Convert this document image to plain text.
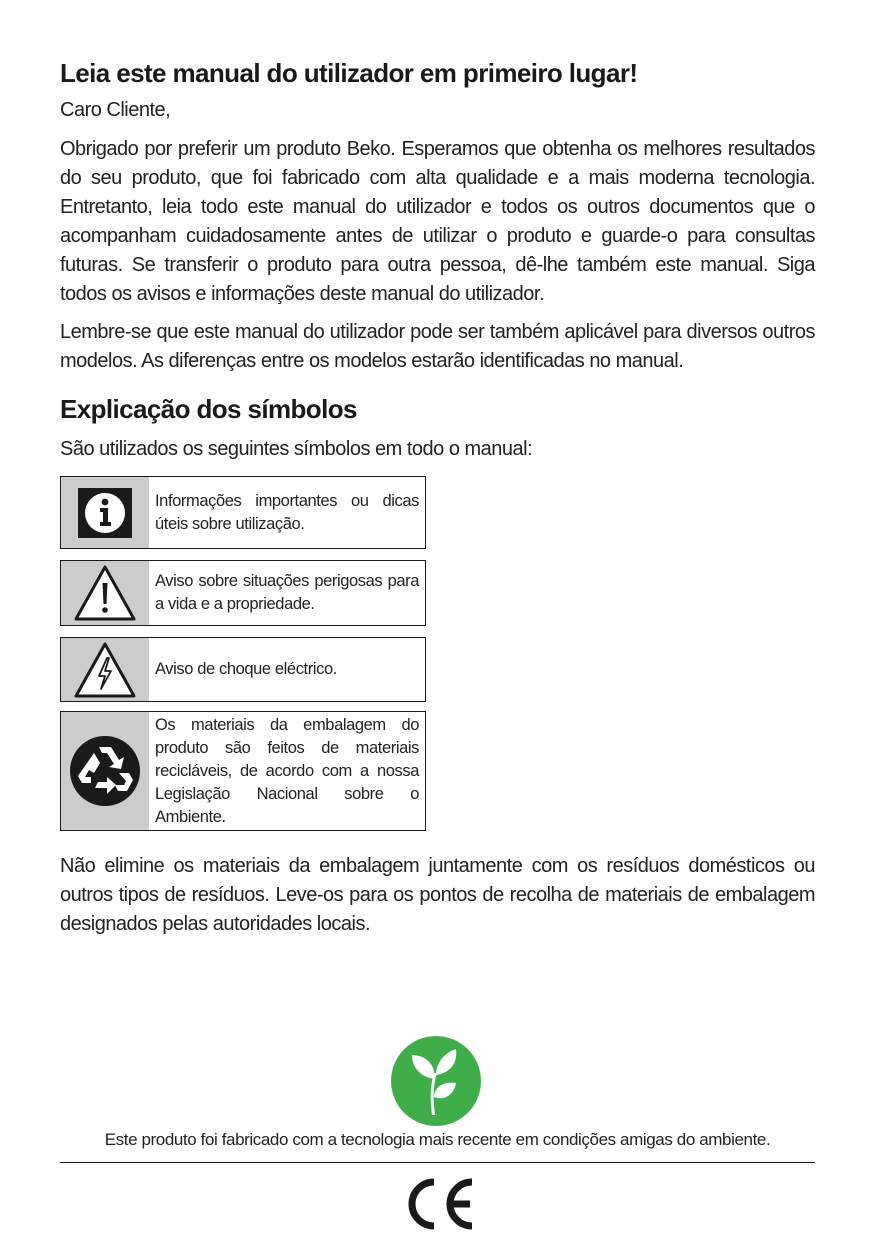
Leia este manual do utilizador em primeiro lugar!

Caro Cliente,

Obrigado por preferir um produto Beko. Esperamos que obtenha os melhores resultados do seu produto, que foi fabricado com alta qualidade e a mais moderna tecnologia. Entretanto, leia todo este manual do utilizador e todos os outros documentos que o acompanham cuidadosamente antes de utilizar o produto e guarde-o para consultas futuras. Se transferir o produto para outra pessoa, dê-lhe também este manual. Siga todos os avisos e informações deste manual do utilizador.

Lembre-se que este manual do utilizador pode ser também aplicável para diversos outros modelos. As diferenças entre os modelos estarão identificadas no manual.

Explicação dos símbolos

São utilizados os seguintes símbolos em todo o manual:

Informações importantes ou dicas úteis sobre utilização.
Aviso sobre situações perigosas para a vida e a propriedade.
Aviso de choque eléctrico.
Os materiais da embalagem do produto são feitos de materiais recicláveis, de acordo com a nossa Legislação Nacional sobre o Ambiente.

Não elimine os materiais da embalagem juntamente com os resíduos domésticos ou outros tipos de resíduos. Leve-os para os pontos de recolha de materiais de embalagem designados pelas autoridades locais.

Este produto foi fabricado com a tecnologia mais recente em condições amigas do ambiente.
